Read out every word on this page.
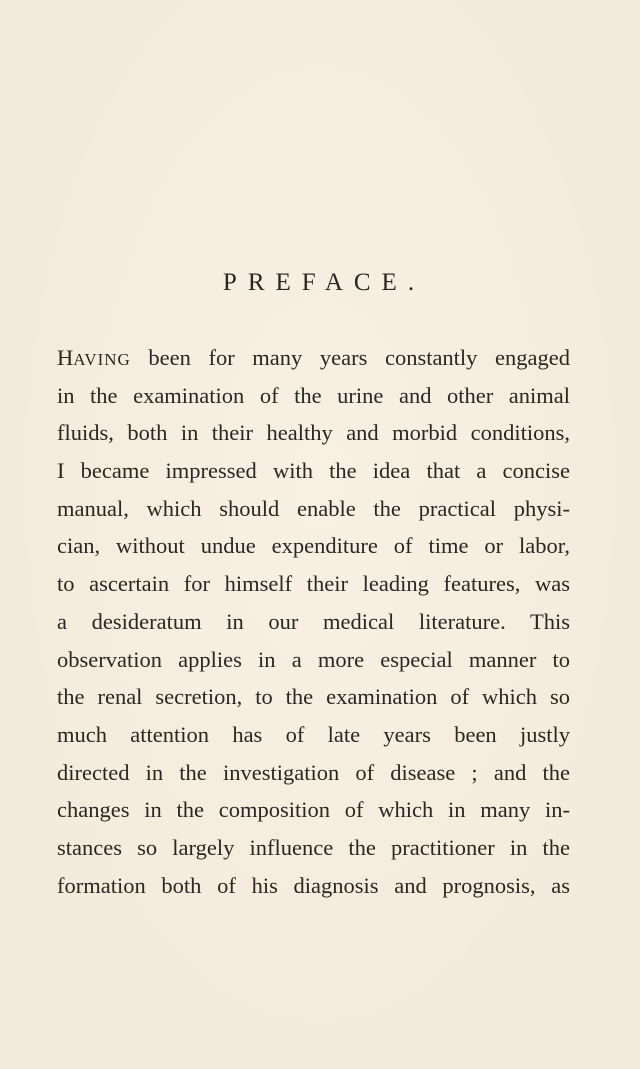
PREFACE.
HAVING been for many years constantly engaged
in the examination of the urine and other animal
fluids, both in their healthy and morbid conditions,
I became impressed with the idea that a concise
manual, which should enable the practical physi-
cian, without undue expenditure of time or labor,
to ascertain for himself their leading features, was
a desideratum in our medical literature. This
observation applies in a more especial manner to
the renal secretion, to the examination of which so
much attention has of late years been justly
directed in the investigation of disease ; and the
changes in the composition of which in many in-
stances so largely influence the practitioner in the
formation both of his diagnosis and prognosis, as
